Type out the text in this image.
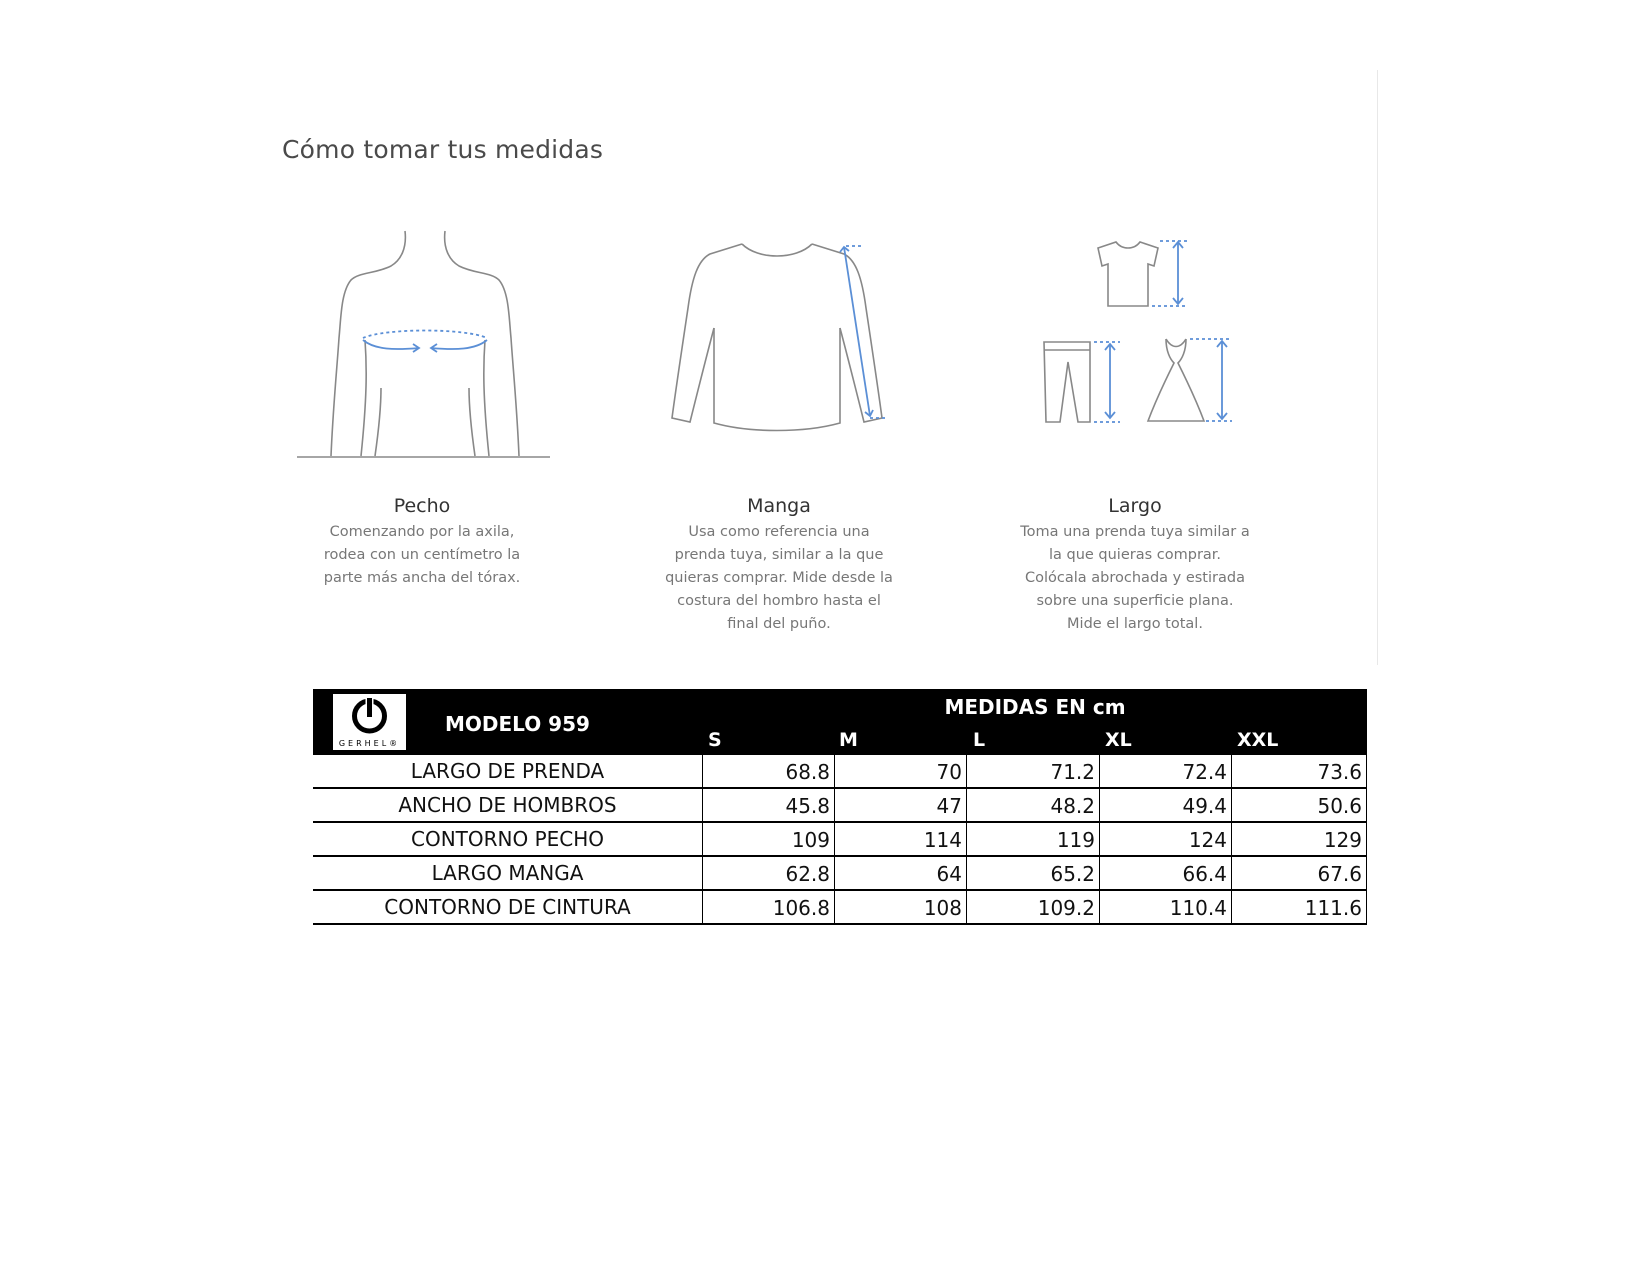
Cómo tomar tus medidas
Pecho
Comenzando por la axila,
rodea con un centímetro la
parte más ancha del tórax.
Manga
Usa como referencia una
prenda tuya, similar a la que
quieras comprar. Mide desde la
costura del hombro hasta el
final del puño.
Largo
Toma una prenda tuya similar a
la que quieras comprar.
Colócala abrochada y estirada
sobre una superficie plana.
Mide el largo total.
GERHEL®
MODELO 959
MEDIDAS EN cm
S	M	L	XL	XXL
LARGO DE PRENDA	68.8	70	71.2	72.4	73.6
ANCHO DE HOMBROS	45.8	47	48.2	49.4	50.6
CONTORNO PECHO	109	114	119	124	129
LARGO MANGA	62.8	64	65.2	66.4	67.6
CONTORNO DE CINTURA	106.8	108	109.2	110.4	111.6
